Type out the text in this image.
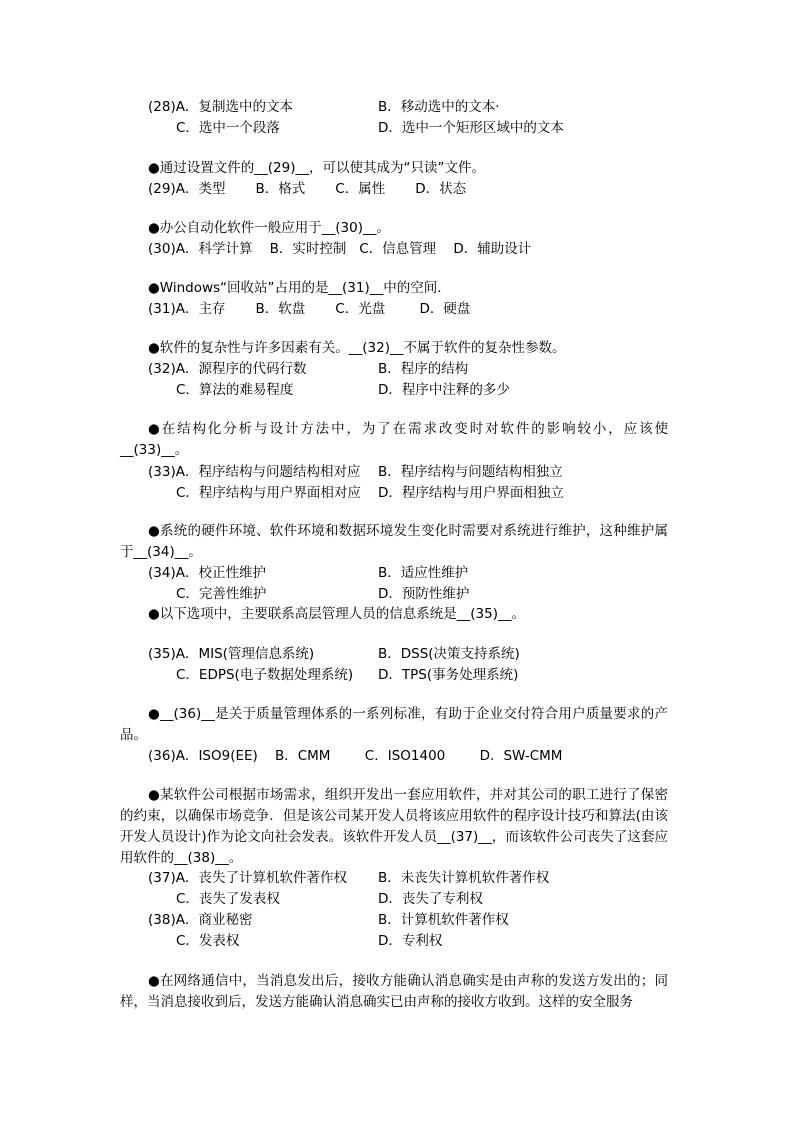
(28)A．复制选中的文本	B．移动选中的文本·
C．选中一个段落	D．选中一个矩形区域中的文本
●通过设置文件的__(29)__，可以使其成为“只读”文件。
(29)A．类型       B．格式       C．属性       D．状态
●办公自动化软件一般应用于__(30)__。
(30)A．科学计算    B．实时控制   C．信息管理    D．辅助设计
●Windows“回收站”占用的是__(31)__中的空间.
(31)A．主存       B．软盘       C．光盘        D．硬盘
●软件的复杂性与许多因素有关。__(32)__不属于软件的复杂性参数。
(32)A．源程序的代码行数	B．程序的结构
C．算法的难易程度	D．程序中注释的多少
●在结构化分析与设计方法中，为了在需求改变时对软件的影响较小，应该使__(33)__。
(33)A．程序结构与问题结构相对应 B．程序结构与问题结构相独立
C．程序结构与用户界面相对应 D．程序结构与用户界面相独立
●系统的硬件环境、软件环境和数据环境发生变化时需要对系统进行维护，这种维护属于__(34)__。
(34)A．校正性维护	B．适应性维护
C．完善性维护	D．预防性维护
●以下选项中，主要联系高层管理人员的信息系统是__(35)__。
(35)A．MIS(管理信息系统)	B．DSS(决策支持系统)
C．EDPS(电子数据处理系统) D．TPS(事务处理系统)
●__(36)__是关于质量管理体系的一系列标准，有助于企业交付符合用户质量要求的产品。
(36)A．ISO9(EE)    B．CMM        C．ISO1400        D．SW-CMM
●某软件公司根据市场需求，组织开发出一套应用软件，并对其公司的职工进行了保密的约束，以确保市场竞争．但是该公司某开发人员将该应用软件的程序设计技巧和算法(由该开发人员设计)作为论文向社会发表。该软件开发人员__(37)__，而该软件公司丧失了这套应用软件的__(38)__。
(37)A．丧失了计算机软件著作权 B．未丧失计算机软件著作权
C．丧失了发表权	D．丧失了专利权
(38)A．商业秘密	B．计算机软件著作权
C．发表权	D．专利权
●在网络通信中，当消息发出后，接收方能确认消息确实是由声称的发送方发出的；同样，当消息接收到后，发送方能确认消息确实已由声称的接收方收到。这样的安全服务
